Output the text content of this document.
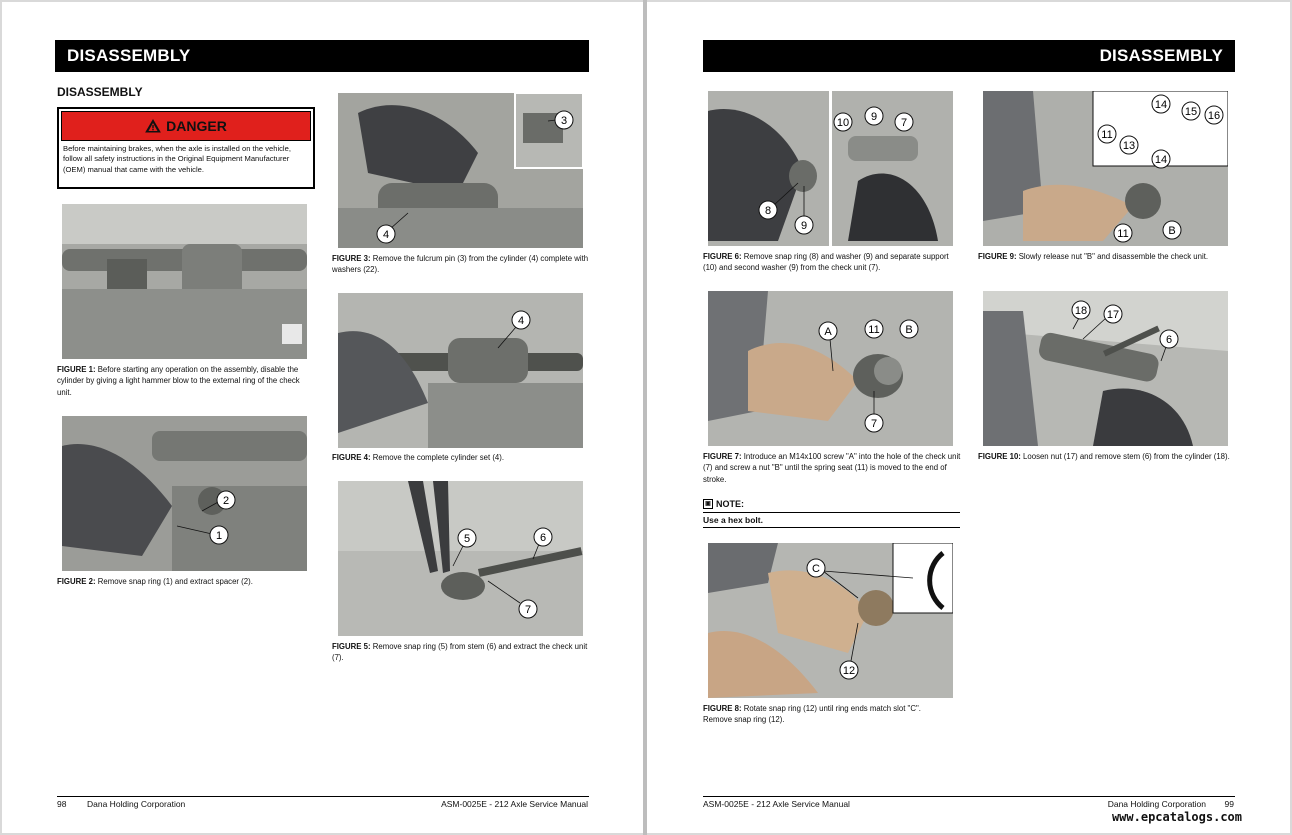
DISASSEMBLY
DISASSEMBLY
DANGER
Before maintaining brakes, when the axle is installed on the vehicle, follow all safety instructions in the Original Equipment Manufacturer (OEM) manual that came with the vehicle.
FIGURE 1: Before starting any operation on the assembly, disable the cylinder by giving a light hammer blow to the external ring of the check unit.
2
1
FIGURE 2: Remove snap ring (1) and extract spacer (2).
3
4
FIGURE 3: Remove the fulcrum pin (3) from the cylinder (4) complete with washers (22).
4
FIGURE 4: Remove the complete cylinder set (4).
5	6
7
FIGURE 5: Remove snap ring (5) from stem (6) and extract the check unit (7).
98 Dana Holding Corporation	ASM-0025E - 212 Axle Service Manual
DISASSEMBLY
10 9 7
8
9
FIGURE 6: Remove snap ring (8) and washer (9) and separate support (10) and second washer (9) from the check unit (7).
A	11 B
7
FIGURE 7: Introduce an M14x100 screw "A" into the hole of the check unit (7) and screw a nut "B" until the spring seat (11) is moved to the end of stroke.
▣ NOTE:
Use a hex bolt.
C
12
FIGURE 8: Rotate snap ring (12) until ring ends match slot "C".
Remove snap ring (12).
14
15 16
11
13
14
11	B
FIGURE 9: Slowly release nut "B" and disassemble the check unit.
18 17
6
FIGURE 10: Loosen nut (17) and remove stem (6) from the cylinder (18).
ASM-0025E - 212 Axle Service Manual	Dana Holding Corporation 99
www.epcatalogs.com
